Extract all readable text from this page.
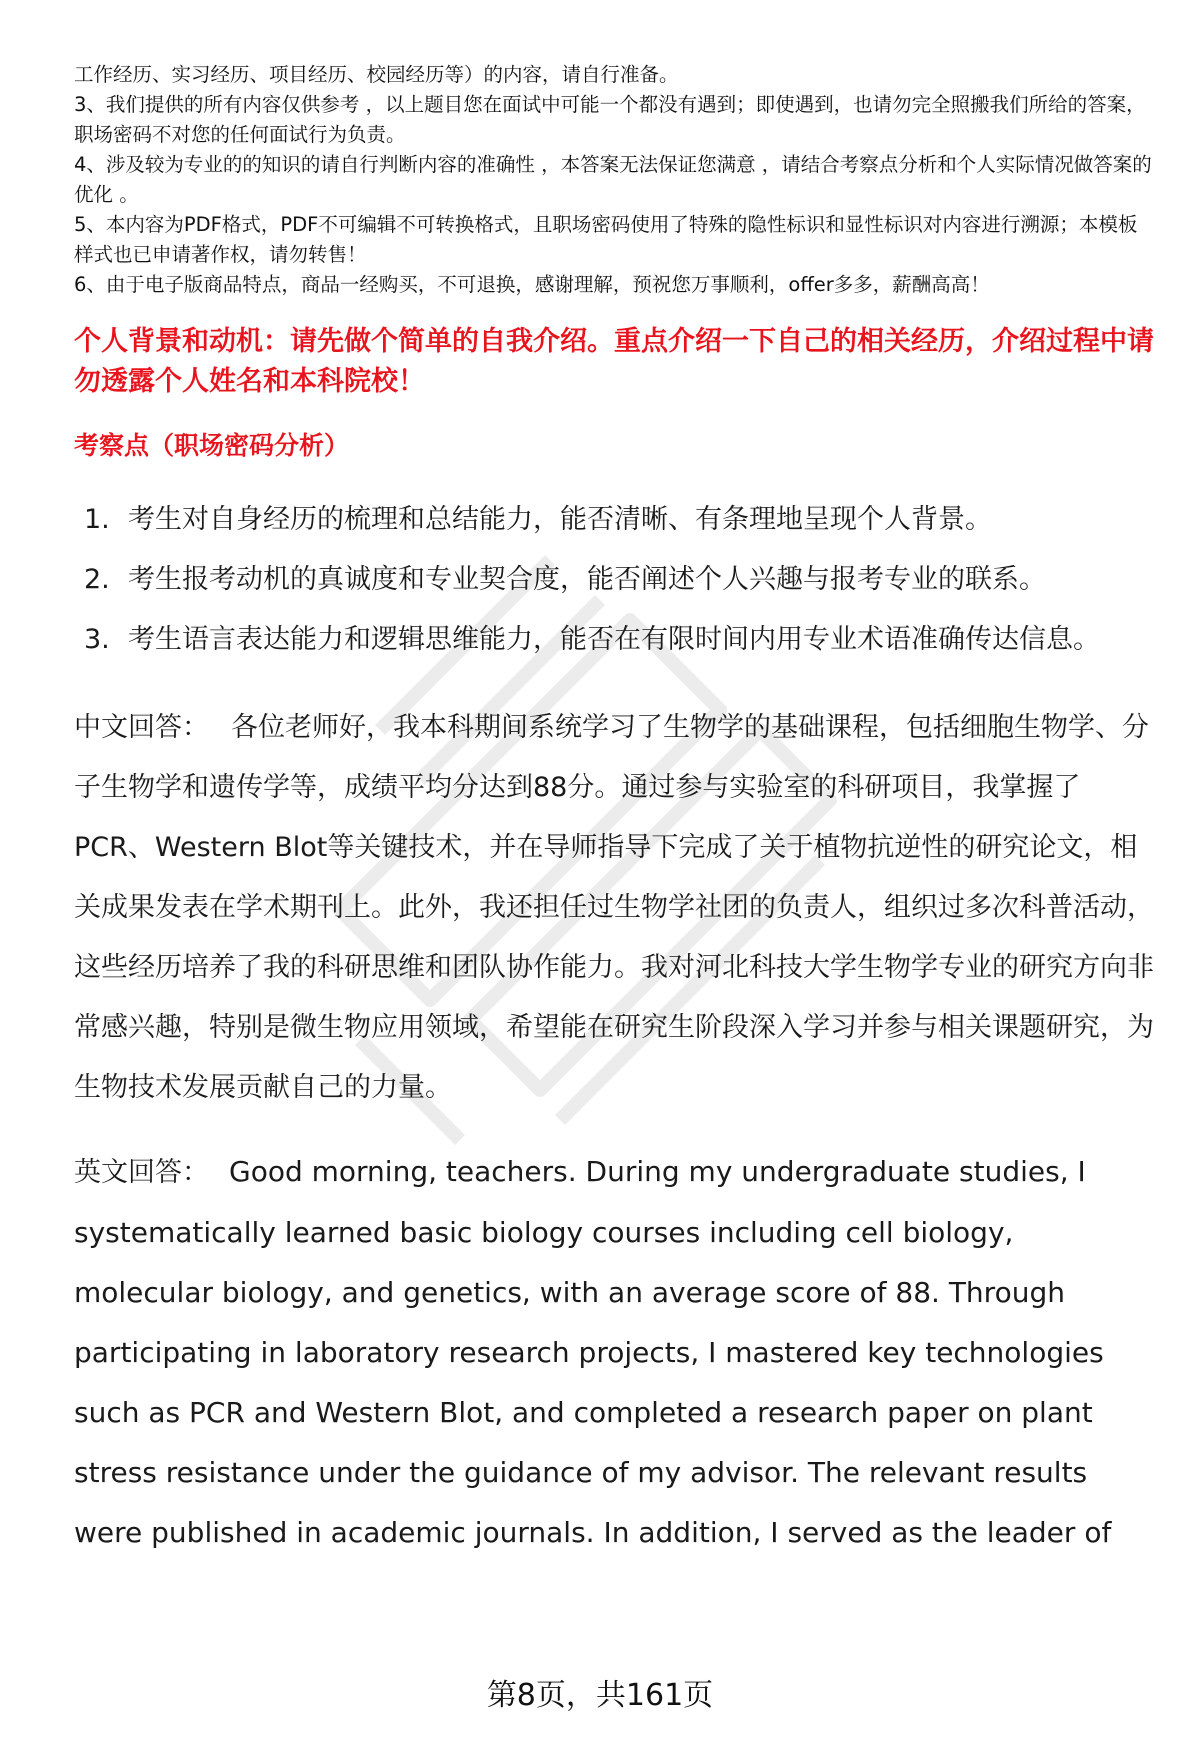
工作经历、实习经历、项目经历、校园经历等）的内容，请自行准备。

3、我们提供的所有内容仅供参考 ，以上题目您在面试中可能一个都没有遇到；即使遇到，也请勿完全照搬我们所给的答案，职场密码不对您的任何面试行为负责。

4、涉及较为专业的的知识的请自行判断内容的准确性 ，本答案无法保证您满意 ，请结合考察点分析和个人实际情况做答案的优化 。

5、本内容为PDF格式，PDF不可编辑不可转换格式，且职场密码使用了特殊的隐性标识和显性标识对内容进行溯源；本模板样式也已申请著作权，请勿转售！

6、由于电子版商品特点，商品一经购买，不可退换，感谢理解，预祝您万事顺利，offer多多，薪酬高高！

个人背景和动机：请先做个简单的自我介绍。重点介绍一下自己的相关经历，介绍过程中请勿透露个人姓名和本科院校！
考察点（职场密码分析）
1. 考生对自身经历的梳理和总结能力，能否清晰、有条理地呈现个人背景。
2. 考生报考动机的真诚度和专业契合度，能否阐述个人兴趣与报考专业的联系。
3. 考生语言表达能力和逻辑思维能力，能否在有限时间内用专业术语准确传达信息。

中文回答： 各位老师好，我本科期间系统学习了生物学的基础课程，包括细胞生物学、分子生物学和遗传学等，成绩平均分达到88分。通过参与实验室的科研项目，我掌握了PCR、Western Blot等关键技术，并在导师指导下完成了关于植物抗逆性的研究论文，相关成果发表在学术期刊上。此外，我还担任过生物学社团的负责人，组织过多次科普活动，这些经历培养了我的科研思维和团队协作能力。我对河北科技大学生物学专业的研究方向非常感兴趣，特别是微生物应用领域，希望能在研究生阶段深入学习并参与相关课题研究，为生物技术发展贡献自己的力量。

英文回答： Good morning, teachers. During my undergraduate studies, I systematically learned basic biology courses including cell biology, molecular biology, and genetics, with an average score of 88. Through participating in laboratory research projects, I mastered key technologies such as PCR and Western Blot, and completed a research paper on plant stress resistance under the guidance of my advisor. The relevant results were published in academic journals. In addition, I served as the leader of

第8页，共161页
